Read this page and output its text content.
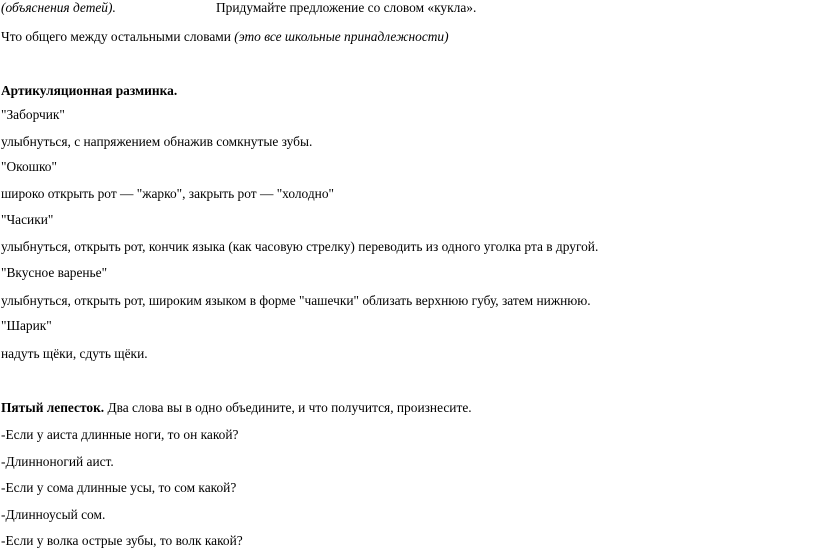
(объяснения детей).	Придумайте предложение со словом «кукла».
Что общего между остальными словами (это все школьные принадлежности)
Артикуляционная разминка.
"Заборчик"
улыбнуться, с напряжением обнажив сомкнутые зубы.
"Окошко"
широко открыть рот — "жарко", закрыть рот — "холодно"
"Часики"
улыбнуться, открыть рот, кончик языка (как часовую стрелку) переводить из одного уголка рта в другой.
"Вкусное варенье"
улыбнуться, открыть рот, широким языком в форме "чашечки" облизать верхнюю губу, затем нижнюю.
"Шарик"
надуть щёки, сдуть щёки.
Пятый лепесток. Два слова вы в одно объедините, и что получится, произнесите.
-Если у аиста длинные ноги, то он какой?
-Длинноногий аист.
-Если у сома длинные усы, то сом какой?
-Длинноусый сом.
-Если у волка острые зубы, то волк какой?
